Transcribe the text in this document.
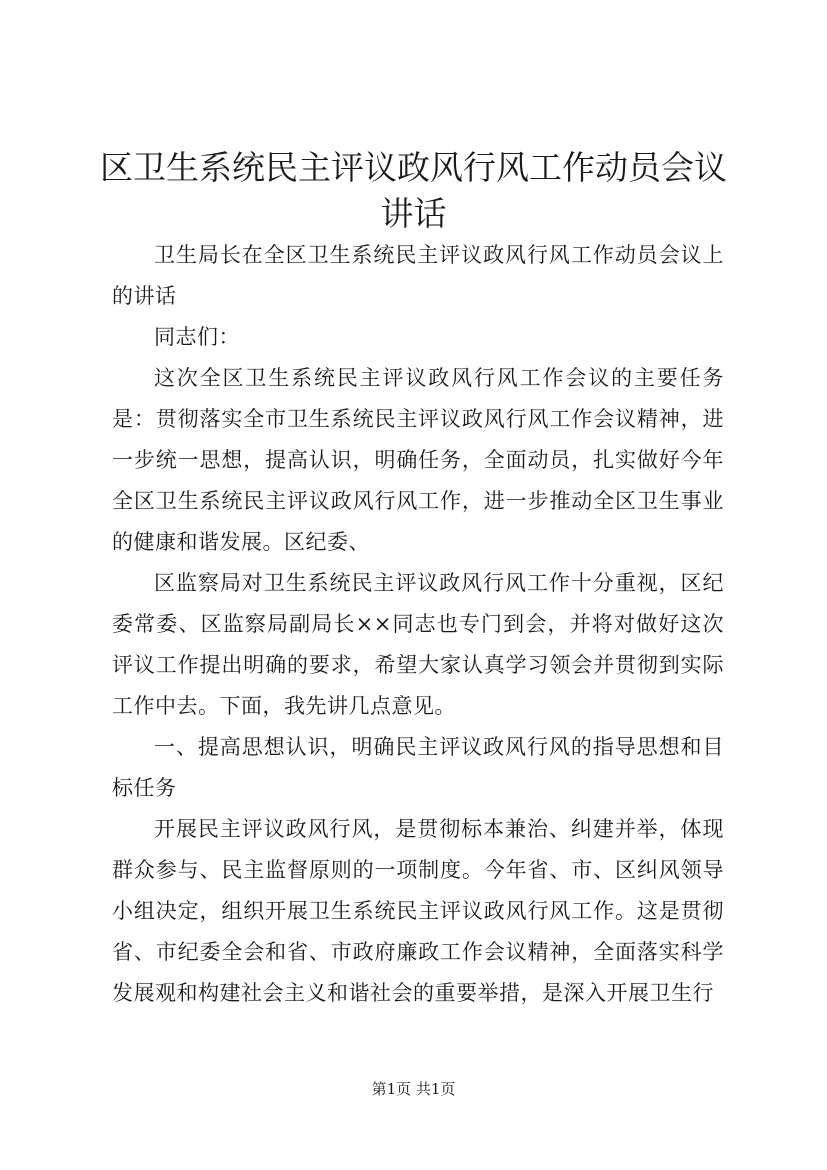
区卫生系统民主评议政风行风工作动员会议讲话

卫生局长在全区卫生系统民主评议政风行风工作动员会议上的讲话

同志们：

这次全区卫生系统民主评议政风行风工作会议的主要任务是：贯彻落实全市卫生系统民主评议政风行风工作会议精神，进一步统一思想，提高认识，明确任务，全面动员，扎实做好今年全区卫生系统民主评议政风行风工作，进一步推动全区卫生事业的健康和谐发展。区纪委、

区监察局对卫生系统民主评议政风行风工作十分重视，区纪委常委、区监察局副局长××同志也专门到会，并将对做好这次评议工作提出明确的要求，希望大家认真学习领会并贯彻到实际工作中去。下面，我先讲几点意见。

一、提高思想认识，明确民主评议政风行风的指导思想和目标任务

开展民主评议政风行风，是贯彻标本兼治、纠建并举，体现群众参与、民主监督原则的一项制度。今年省、市、区纠风领导小组决定，组织开展卫生系统民主评议政风行风工作。这是贯彻省、市纪委全会和省、市政府廉政工作会议精神，全面落实科学发展观和构建社会主义和谐社会的重要举措，是深入开展卫生行

第1页 共1页
